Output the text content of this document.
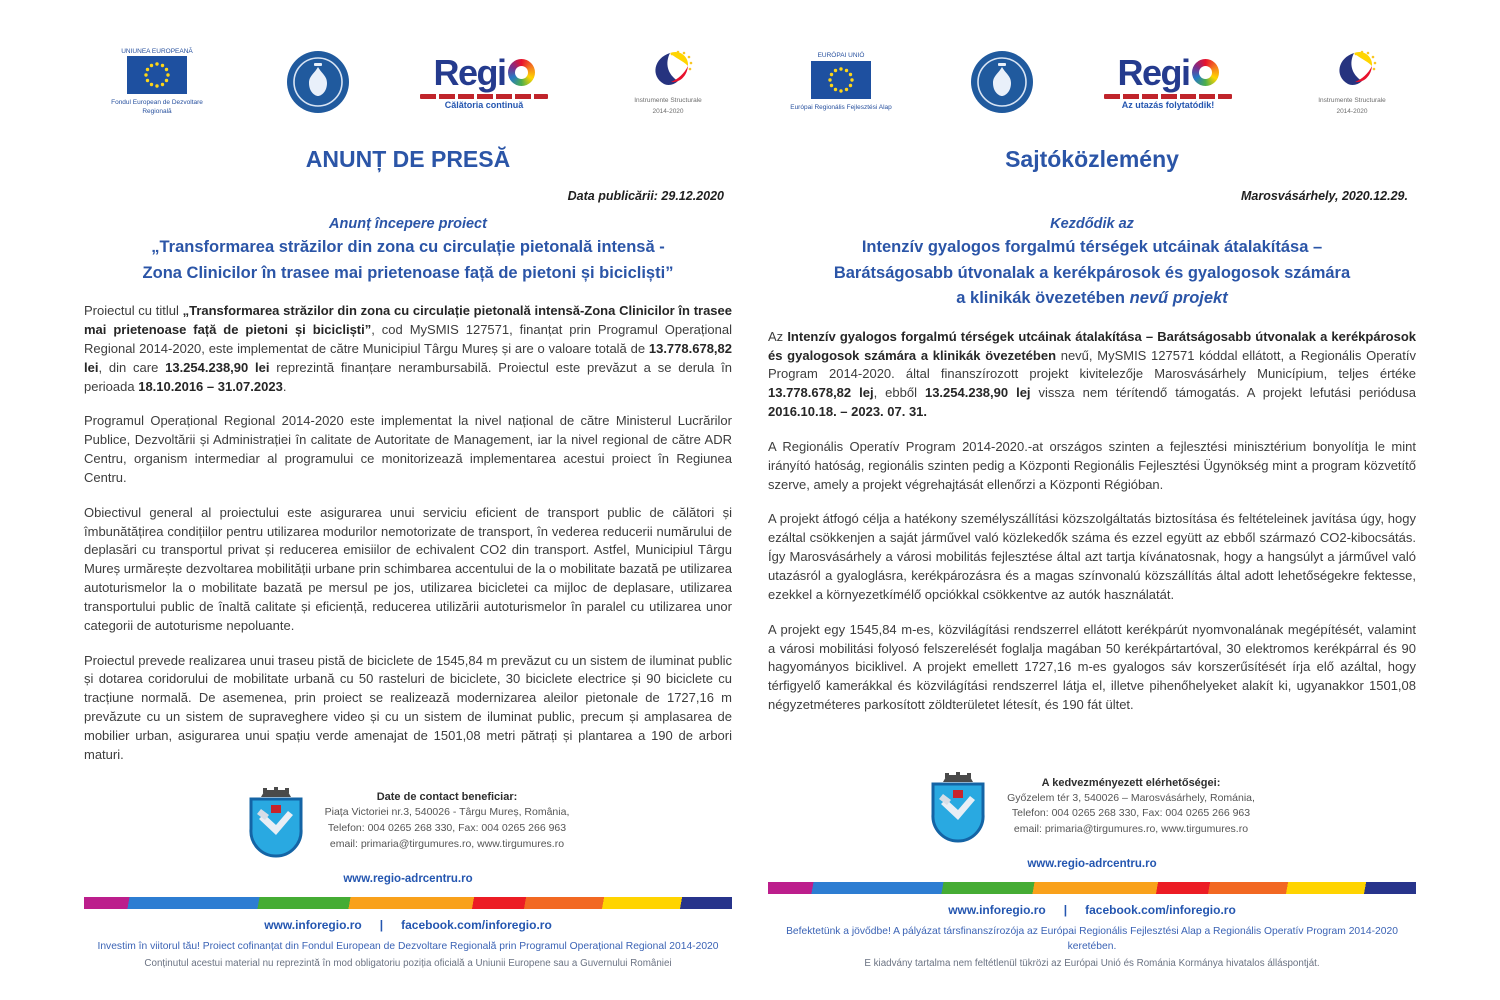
UNIUNEA EUROPEANĂ
Fondul European de Dezvoltare Regională
Regi
Călătoria continuă	Instrumente Structurale
2014-2020
ANUNȚ DE PRESĂ
Data publicării: 29.12.2020
Anunț începere proiect
„Transformarea străzilor din zona cu circulație pietonală intensă -
Zona Clinicilor în trasee mai prietenoase față de pietoni și bicicliști”
Proiectul cu titlul „Transformarea străzilor din zona cu circulație pietonală intensă-Zona Clinicilor în trasee mai prietenoase față de pietoni și bicicliști”, cod MySMIS 127571, finanțat prin Programul Operațional Regional 2014-2020, este implementat de către Municipiul Târgu Mureș și are o valoare totală de 13.778.678,82 lei, din care 13.254.238,90 lei reprezintă finanțare nerambursabilă. Proiectul este prevăzut a se derula în perioada 18.10.2016 – 31.07.2023.
Programul Operațional Regional 2014-2020 este implementat la nivel național de către Ministerul Lucrărilor Publice, Dezvoltării și Administrației în calitate de Autoritate de Management, iar la nivel regional de către ADR Centru, organism intermediar al programului ce monitorizează implementarea acestui proiect în Regiunea Centru.
Obiectivul general al proiectului este asigurarea unui serviciu eficient de transport public de călători și îmbunătățirea condițiilor pentru utilizarea modurilor nemotorizate de transport, în vederea reducerii numărului de deplasări cu transportul privat și reducerea emisiilor de echivalent CO2 din transport. Astfel, Municipiul Târgu Mureș urmărește dezvoltarea mobilității urbane prin schimbarea accentului de la o mobilitate bazată pe utilizarea autoturismelor la o mobilitate bazată pe mersul pe jos, utilizarea bicicletei ca mijloc de deplasare, utilizarea transportului public de înaltă calitate și eficiență, reducerea utilizării autoturismelor în paralel cu utilizarea unor categorii de autoturisme nepoluante.
Proiectul prevede realizarea unui traseu pistă de biciclete de 1545,84 m prevăzut cu un sistem de iluminat public și dotarea coridorului de mobilitate urbană cu 50 rasteluri de biciclete, 30 biciclete electrice și 90 biciclete cu tracțiune normală. De asemenea, prin proiect se realizează modernizarea aleilor pietonale de 1727,16 m prevăzute cu un sistem de supraveghere video și cu un sistem de iluminat public, precum și amplasarea de mobilier urban, asigurarea unui spațiu verde amenajat de 1501,08 metri pătrați și plantarea a 190 de arbori maturi.
Date de contact beneficiar:
Piața Victoriei nr.3, 540026 - Târgu Mureș, România,
Telefon: 004 0265 268 330, Fax: 004 0265 266 963
email: primaria@tirgumures.ro, www.tirgumures.ro
www.regio-adrcentru.ro
www.inforegio.ro | facebook.com/inforegio.ro
Investim în viitorul tău! Proiect cofinanțat din Fondul European de Dezvoltare Regională prin Programul Operațional Regional 2014-2020
Conținutul acestui material nu reprezintă în mod obligatoriu poziția oficială a Uniunii Europene sau a Guvernului României
EURÓPAI UNIÓ
Európai Regionális Fejlesztési Alap
Regi
Az utazás folytatódik!	Instrumente Structurale
2014-2020
Sajtóközlemény
Marosvásárhely, 2020.12.29.
Kezdődik az
Intenzív gyalogos forgalmú térségek utcáinak átalakítása –
Barátságosabb útvonalak a kerékpárosok és gyalogosok számára
a klinikák övezetében nevű projekt
Az Intenzív gyalogos forgalmú térségek utcáinak átalakítása – Barátságosabb útvonalak a kerékpárosok és gyalogosok számára a klinikák övezetében nevű, MySMIS 127571 kóddal ellátott, a Regionális Operatív Program 2014-2020. által finanszírozott projekt kivitelezője Marosvásárhely Municípium, teljes értéke 13.778.678,82 lej, ebből 13.254.238,90 lej vissza nem térítendő támogatás. A projekt lefutási periódusa 2016.10.18. – 2023. 07. 31.
A Regionális Operatív Program 2014-2020.-at országos szinten a fejlesztési minisztérium bonyolítja le mint irányító hatóság, regionális szinten pedig a Központi Regionális Fejlesztési Ügynökség mint a program közvetítő szerve, amely a projekt végrehajtását ellenőrzi a Központi Régióban.
A projekt átfogó célja a hatékony személyszállítási közszolgáltatás biztosítása és feltételeinek javítása úgy, hogy ezáltal csökkenjen a saját járművel való közlekedők száma és ezzel együtt az ebből származó CO2-kibocsátás. Így Marosvásárhely a városi mobilitás fejlesztése által azt tartja kívánatosnak, hogy a hangsúlyt a járművel való utazásról a gyaloglásra, kerékpározásra és a magas színvonalú közszállítás által adott lehetőségekre fektesse, ezekkel a környezetkímélő opciókkal csökkentve az autók használatát.
A projekt egy 1545,84 m-es, közvilágítási rendszerrel ellátott kerékpárút nyomvonalának megépítését, valamint a városi mobilitási folyosó felszerelését foglalja magában 50 kerékpártartóval, 30 elektromos kerékpárral és 90 hagyományos biciklivel. A projekt emellett 1727,16 m-es gyalogos sáv korszerűsítését írja elő azáltal, hogy térfigyelő kamerákkal és közvilágítási rendszerrel látja el, illetve pihenőhelyeket alakít ki, ugyanakkor 1501,08 négyzetméteres parkosított zöldterületet létesít, és 190 fát ültet.
A kedvezményezett elérhetőségei:
Győzelem tér 3, 540026 – Marosvásárhely, Románia,
Telefon: 004 0265 268 330, Fax: 004 0265 266 963
email: primaria@tirgumures.ro, www.tirgumures.ro
www.regio-adrcentru.ro
www.inforegio.ro | facebook.com/inforegio.ro
Befektetünk a jövődbe! A pályázat társfinanszírozója az Európai Regionális Fejlesztési Alap a Regionális Operatív Program 2014-2020 keretében.
E kiadvány tartalma nem feltétlenül tükrözi az Európai Unió és Románia Kormánya hivatalos álláspontját.
